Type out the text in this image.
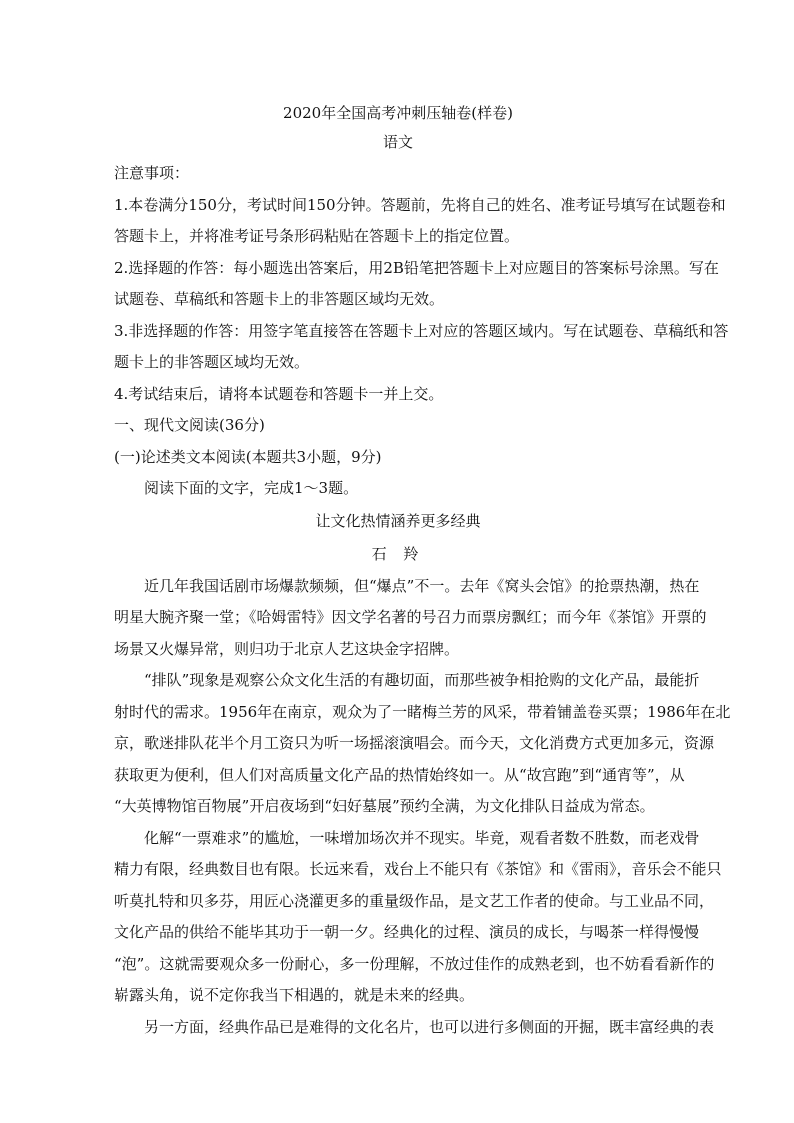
2020年全国高考冲刺压轴卷(样卷)
语文
注意事项：
1.本卷满分150分，考试时间150分钟。答题前，先将自己的姓名、准考证号填写在试题卷和
答题卡上，并将准考证号条形码粘贴在答题卡上的指定位置。
2.选择题的作答：每小题选出答案后，用2B铅笔把答题卡上对应题目的答案标号涂黑。写在
试题卷、草稿纸和答题卡上的非答题区域均无效。
3.非选择题的作答：用签字笔直接答在答题卡上对应的答题区域内。写在试题卷、草稿纸和答
题卡上的非答题区域均无效。
4.考试结束后，请将本试题卷和答题卡一并上交。
一、现代文阅读(36分)
(一)论述类文本阅读(本题共3小题，9分)
阅读下面的文字，完成1～3题。
让文化热情涵养更多经典
石 羚
近几年我国话剧市场爆款频频，但“爆点”不一。去年《窝头会馆》的抢票热潮，热在
明星大腕齐聚一堂；《哈姆雷特》因文学名著的号召力而票房飘红；而今年《茶馆》开票的
场景又火爆异常，则归功于北京人艺这块金字招牌。
“排队”现象是观察公众文化生活的有趣切面，而那些被争相抢购的文化产品，最能折
射时代的需求。1956年在南京，观众为了一睹梅兰芳的风采，带着铺盖卷买票；1986年在北
京，歌迷排队花半个月工资只为听一场摇滚演唱会。而今天，文化消费方式更加多元，资源
获取更为便利，但人们对高质量文化产品的热情始终如一。从“故宫跑”到“通宵等”，从
“大英博物馆百物展”开启夜场到“妇好墓展”预约全满，为文化排队日益成为常态。
化解“一票难求”的尴尬，一味增加场次并不现实。毕竟，观看者数不胜数，而老戏骨
精力有限，经典数目也有限。长远来看，戏台上不能只有《茶馆》和《雷雨》，音乐会不能只
听莫扎特和贝多芬，用匠心浇灌更多的重量级作品，是文艺工作者的使命。与工业品不同，
文化产品的供给不能毕其功于一朝一夕。经典化的过程、演员的成长，与喝茶一样得慢慢
“泡”。这就需要观众多一份耐心，多一份理解，不放过佳作的成熟老到，也不妨看看新作的
崭露头角，说不定你我当下相遇的，就是未来的经典。
另一方面，经典作品已是难得的文化名片，也可以进行多侧面的开掘，既丰富经典的表
